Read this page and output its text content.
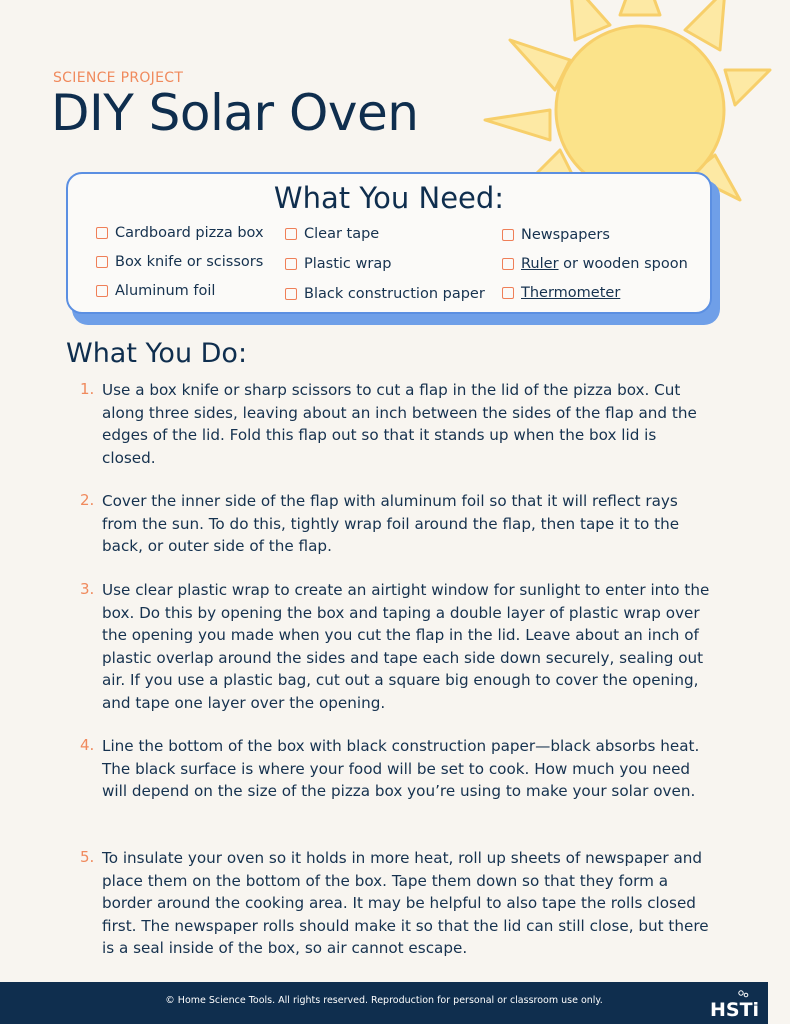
SCIENCE PROJECT
DIY Solar Oven
What You Need:
Cardboard pizza box
Box knife or scissors
Aluminum foil
Clear tape
Plastic wrap
Black construction paper
Newspapers
Ruler or wooden spoon
Thermometer
What You Do:
1. Use a box knife or sharp scissors to cut a flap in the lid of the pizza box. Cut along three sides, leaving about an inch between the sides of the flap and the edges of the lid. Fold this flap out so that it stands up when the box lid is closed.
2. Cover the inner side of the flap with aluminum foil so that it will reflect rays from the sun. To do this, tightly wrap foil around the flap, then tape it to the back, or outer side of the flap.
3. Use clear plastic wrap to create an airtight window for sunlight to enter into the box. Do this by opening the box and taping a double layer of plastic wrap over the opening you made when you cut the flap in the lid. Leave about an inch of plastic overlap around the sides and tape each side down securely, sealing out air. If you use a plastic bag, cut out a square big enough to cover the opening, and tape one layer over the opening.
4. Line the bottom of the box with black construction paper—black absorbs heat. The black surface is where your food will be set to cook. How much you need will depend on the size of the pizza box you’re using to make your solar oven.
5. To insulate your oven so it holds in more heat, roll up sheets of newspaper and place them on the bottom of the box. Tape them down so that they form a border around the cooking area. It may be helpful to also tape the rolls closed first. The newspaper rolls should make it so that the lid can still close, but there is a seal inside of the box, so air cannot escape.
© Home Science Tools. All rights reserved. Reproduction for personal or classroom use only.	HSTi
